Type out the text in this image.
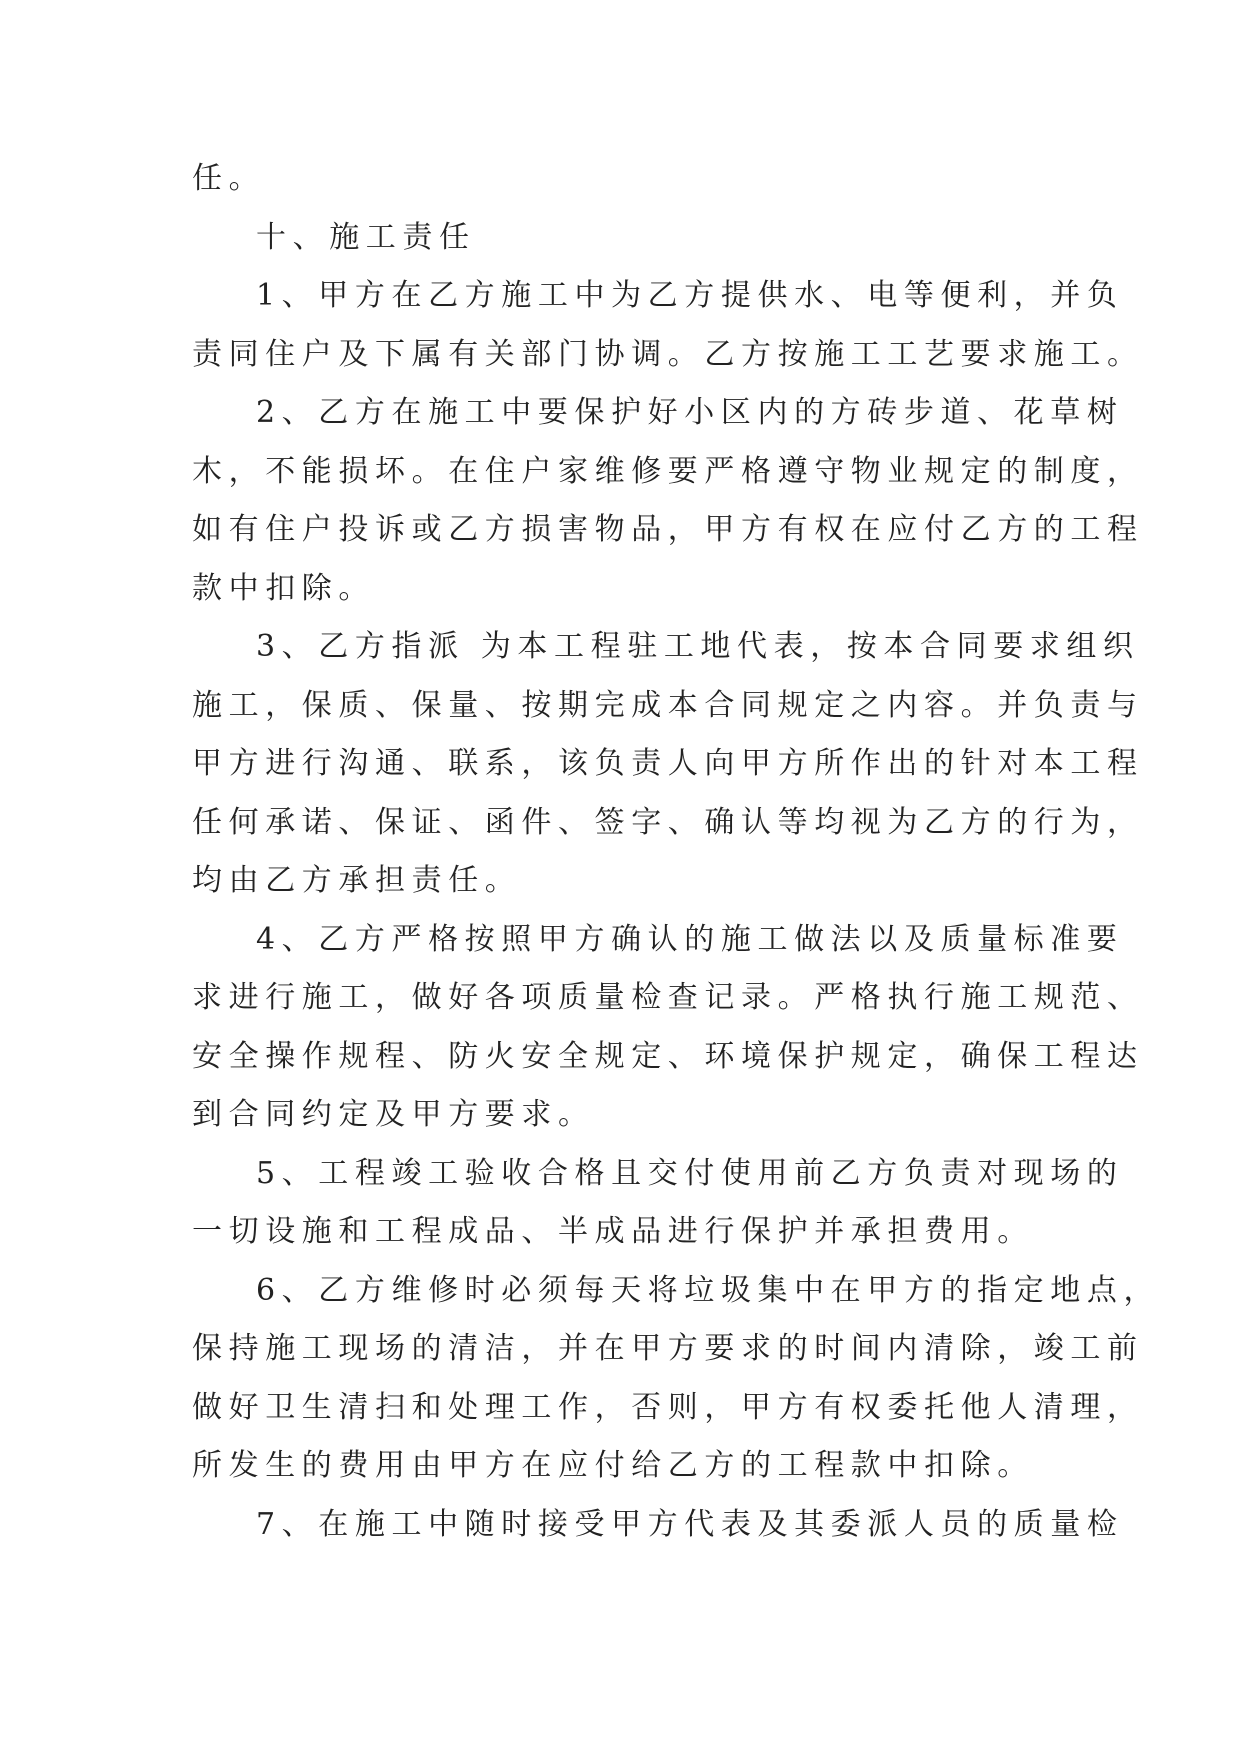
任。
十、施工责任
1、甲方在乙方施工中为乙方提供水、电等便利，并负
责同住户及下属有关部门协调。乙方按施工工艺要求施工。
2、乙方在施工中要保护好小区内的方砖步道、花草树
木，不能损坏。在住户家维修要严格遵守物业规定的制度，
如有住户投诉或乙方损害物品，甲方有权在应付乙方的工程
款中扣除。
3、乙方指派 为本工程驻工地代表，按本合同要求组织
施工，保质、保量、按期完成本合同规定之内容。并负责与
甲方进行沟通、联系，该负责人向甲方所作出的针对本工程
任何承诺、保证、函件、签字、确认等均视为乙方的行为，
均由乙方承担责任。
4、乙方严格按照甲方确认的施工做法以及质量标准要
求进行施工，做好各项质量检查记录。严格执行施工规范、
安全操作规程、防火安全规定、环境保护规定，确保工程达
到合同约定及甲方要求。
5、工程竣工验收合格且交付使用前乙方负责对现场的
一切设施和工程成品、半成品进行保护并承担费用。
6、乙方维修时必须每天将垃圾集中在甲方的指定地点，
保持施工现场的清洁，并在甲方要求的时间内清除，竣工前
做好卫生清扫和处理工作，否则，甲方有权委托他人清理，
所发生的费用由甲方在应付给乙方的工程款中扣除。
7、在施工中随时接受甲方代表及其委派人员的质量检
